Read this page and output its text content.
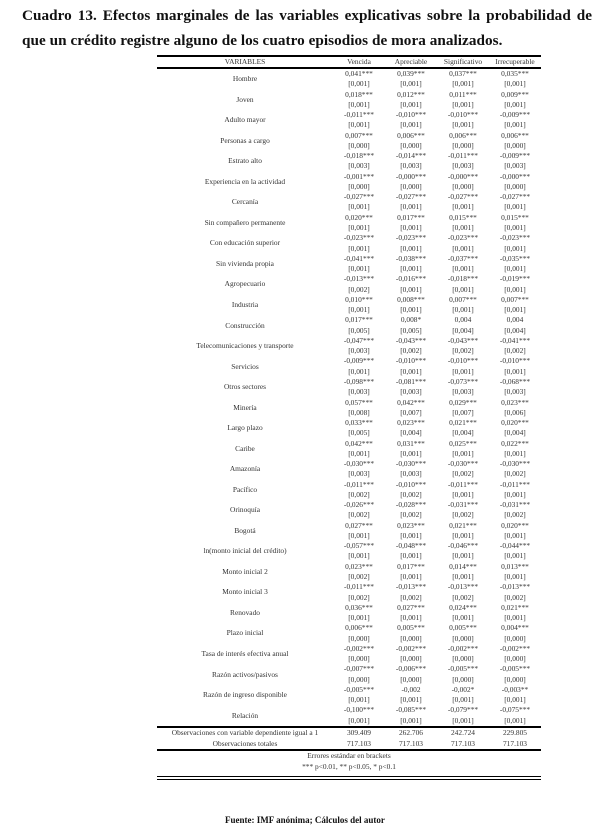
Cuadro 13. Efectos marginales de las variables explicativas sobre la probabilidad de que un crédito registre alguno de los cuatro episodios de mora analizados.
VARIABLES	Vencida	Apreciable	Significativo	Irrecuperable

Hombre	0,041***	0,039***	0,037***	0,035***
	[0,001]	[0,001]	[0,001]	[0,001]
Joven	0,018***	0,012***	0,011***	0,009***
	[0,001]	[0,001]	[0,001]	[0,001]
Adulto mayor	-0,011***	-0,010***	-0,010***	-0,009***
	[0,001]	[0,001]	[0,001]	[0,001]
Personas a cargo	0,007***	0,006***	0,006***	0,006***
	[0,000]	[0,000]	[0,000]	[0,000]
Estrato alto	-0,018***	-0,014***	-0,011***	-0,009***
	[0,003]	[0,003]	[0,003]	[0,003]
Experiencia en la actividad	-0,001***	-0,000***	-0,000***	-0,000***
	[0,000]	[0,000]	[0,000]	[0,000]
Cercanía	-0,027***	-0,027***	-0,027***	-0,027***
	[0,001]	[0,001]	[0,001]	[0,001]
Sin compañero permanente	0,020***	0,017***	0,015***	0,015***
	[0,001]	[0,001]	[0,001]	[0,001]
Con educación superior	-0,023***	-0,023***	-0,023***	-0,023***
	[0,001]	[0,001]	[0,001]	[0,001]
Sin vivienda propia	-0,041***	-0,038***	-0,037***	-0,035***
	[0,001]	[0,001]	[0,001]	[0,001]
Agropecuario	-0,013***	-0,016***	-0,018***	-0,019***
	[0,002]	[0,001]	[0,001]	[0,001]
Industria	0,010***	0,008***	0,007***	0,007***
	[0,001]	[0,001]	[0,001]	[0,001]
Construcción	0,017***	0,008*	0,004	0,004
	[0,005]	[0,005]	[0,004]	[0,004]
Telecomunicaciones y transporte	-0,047***	-0,043***	-0,043***	-0,041***
	[0,003]	[0,002]	[0,002]	[0,002]
Servicios	-0,009***	-0,010***	-0,010***	-0,010***
	[0,001]	[0,001]	[0,001]	[0,001]
Otros sectores	-0,098***	-0,081***	-0,073***	-0,068***
	[0,003]	[0,003]	[0,003]	[0,003]
Minería	0,057***	0,042***	0,029***	0,023***
	[0,008]	[0,007]	[0,007]	[0,006]
Largo plazo	0,033***	0,023***	0,021***	0,020***
	[0,005]	[0,004]	[0,004]	[0,004]
Caribe	0,042***	0,031***	0,025***	0,022***
	[0,001]	[0,001]	[0,001]	[0,001]
Amazonía	-0,030***	-0,030***	-0,030***	-0,030***
	[0,003]	[0,003]	[0,002]	[0,002]
Pacífico	-0,011***	-0,010***	-0,011***	-0,011***
	[0,002]	[0,002]	[0,001]	[0,001]
Orinoquía	-0,026***	-0,028***	-0,031***	-0,031***
	[0,002]	[0,002]	[0,002]	[0,002]
Bogotá	0,027***	0,023***	0,021***	0,020***
	[0,001]	[0,001]	[0,001]	[0,001]
ln(monto inicial del crédito)	-0,057***	-0,048***	-0,046***	-0,044***
	[0,001]	[0,001]	[0,001]	[0,001]
Monto inicial 2	0,023***	0,017***	0,014***	0,013***
	[0,002]	[0,001]	[0,001]	[0,001]
Monto inicial 3	-0,011***	-0,013***	-0,013***	-0,013***
	[0,002]	[0,002]	[0,002]	[0,002]
Renovado	0,036***	0,027***	0,024***	0,021***
	[0,001]	[0,001]	[0,001]	[0,001]
Plazo inicial	0,006***	0,005***	0,005***	0,004***
	[0,000]	[0,000]	[0,000]	[0,000]
Tasa de interés efectiva anual	-0,002***	-0,002***	-0,002***	-0,002***
	[0,000]	[0,000]	[0,000]	[0,000]
Razón activos/pasivos	-0,007***	-0,006***	-0,005***	-0,005***
	[0,000]	[0,000]	[0,000]	[0,000]
Razón de ingreso disponible	-0,005***	-0,002	-0,002*	-0,003**
	[0,001]	[0,001]	[0,001]	[0,001]
Relación	-0,100***	-0,085***	-0,079***	-0,075***
	[0,001]	[0,001]	[0,001]	[0,001]

Observaciones con variable dependiente igual a 1	309.409	262.706	242.724	229.805
Observaciones totales	717.103	717.103	717.103	717.103

Errores estándar en brackets
*** p<0.01, ** p<0.05, * p<0.1
Fuente: IMF anónima; Cálculos del autor
